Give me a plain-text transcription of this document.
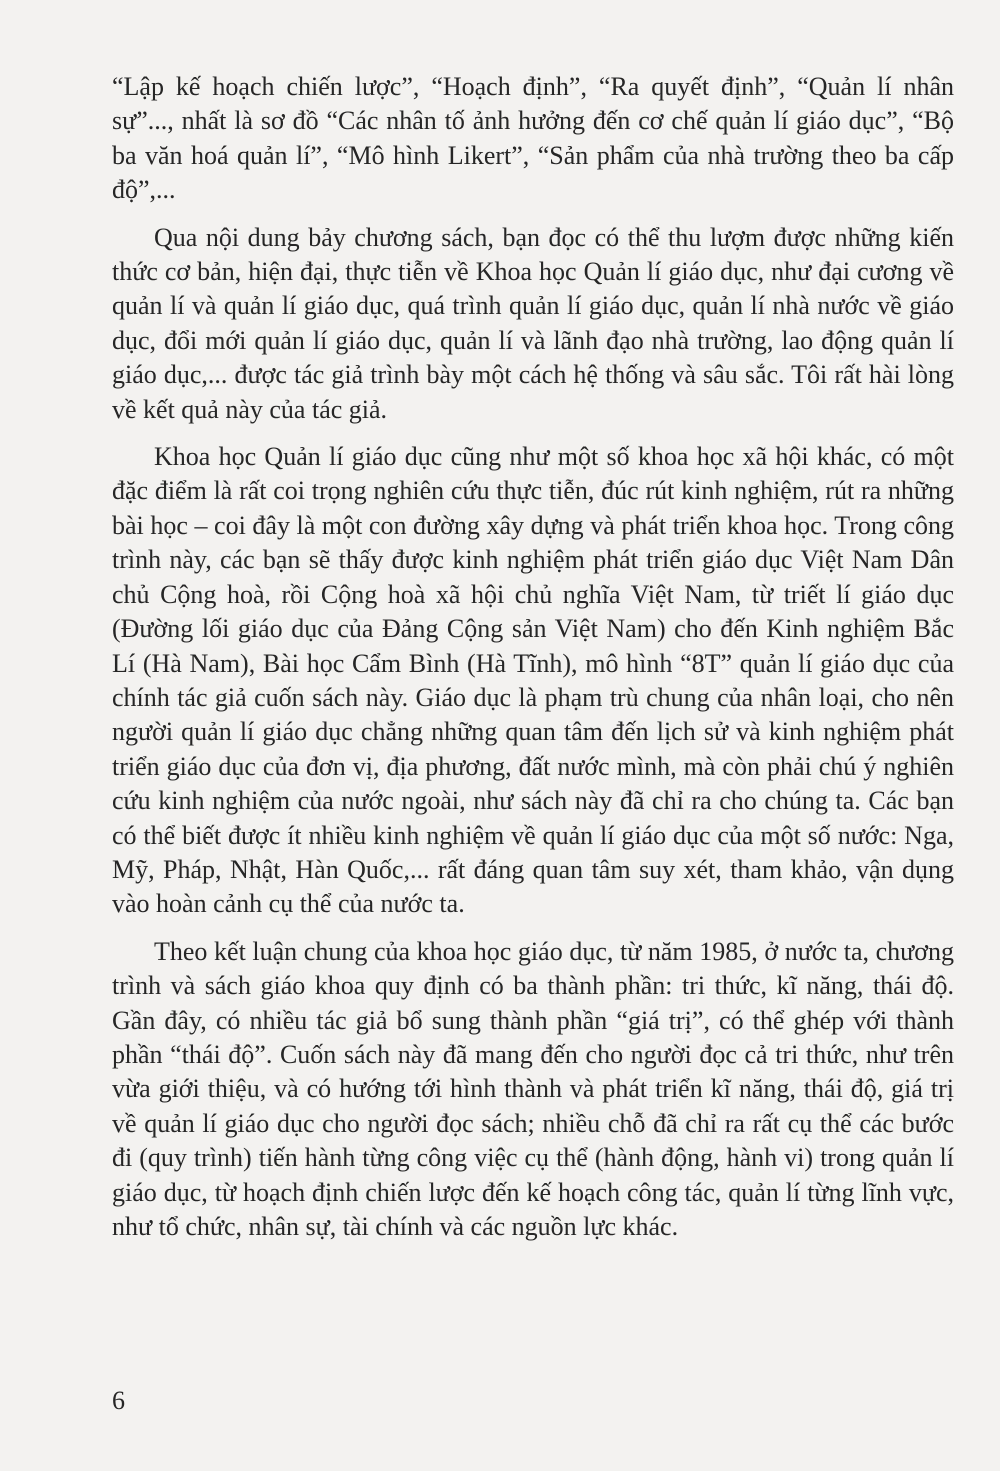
“Lập kế hoạch chiến lược”, “Hoạch định”, “Ra quyết định”, “Quản lí nhân sự”..., nhất là sơ đồ “Các nhân tố ảnh hưởng đến cơ chế quản lí giáo dục”, “Bộ ba văn hoá quản lí”, “Mô hình Likert”, “Sản phẩm của nhà trường theo ba cấp độ”,...

Qua nội dung bảy chương sách, bạn đọc có thể thu lượm được những kiến thức cơ bản, hiện đại, thực tiễn về Khoa học Quản lí giáo dục, như đại cương về quản lí và quản lí giáo dục, quá trình quản lí giáo dục, quản lí nhà nước về giáo dục, đổi mới quản lí giáo dục, quản lí và lãnh đạo nhà trường, lao động quản lí giáo dục,... được tác giả trình bày một cách hệ thống và sâu sắc. Tôi rất hài lòng về kết quả này của tác giả.

Khoa học Quản lí giáo dục cũng như một số khoa học xã hội khác, có một đặc điểm là rất coi trọng nghiên cứu thực tiễn, đúc rút kinh nghiệm, rút ra những bài học – coi đây là một con đường xây dựng và phát triển khoa học. Trong công trình này, các bạn sẽ thấy được kinh nghiệm phát triển giáo dục Việt Nam Dân chủ Cộng hoà, rồi Cộng hoà xã hội chủ nghĩa Việt Nam, từ triết lí giáo dục (Đường lối giáo dục của Đảng Cộng sản Việt Nam) cho đến Kinh nghiệm Bắc Lí (Hà Nam), Bài học Cẩm Bình (Hà Tĩnh), mô hình “8T” quản lí giáo dục của chính tác giả cuốn sách này. Giáo dục là phạm trù chung của nhân loại, cho nên người quản lí giáo dục chẳng những quan tâm đến lịch sử và kinh nghiệm phát triển giáo dục của đơn vị, địa phương, đất nước mình, mà còn phải chú ý nghiên cứu kinh nghiệm của nước ngoài, như sách này đã chỉ ra cho chúng ta. Các bạn có thể biết được ít nhiều kinh nghiệm về quản lí giáo dục của một số nước: Nga, Mỹ, Pháp, Nhật, Hàn Quốc,... rất đáng quan tâm suy xét, tham khảo, vận dụng vào hoàn cảnh cụ thể của nước ta.

Theo kết luận chung của khoa học giáo dục, từ năm 1985, ở nước ta, chương trình và sách giáo khoa quy định có ba thành phần: tri thức, kĩ năng, thái độ. Gần đây, có nhiều tác giả bổ sung thành phần “giá trị”, có thể ghép với thành phần “thái độ”. Cuốn sách này đã mang đến cho người đọc cả tri thức, như trên vừa giới thiệu, và có hướng tới hình thành và phát triển kĩ năng, thái độ, giá trị về quản lí giáo dục cho người đọc sách; nhiều chỗ đã chỉ ra rất cụ thể các bước đi (quy trình) tiến hành từng công việc cụ thể (hành động, hành vi) trong quản lí giáo dục, từ hoạch định chiến lược đến kế hoạch công tác, quản lí từng lĩnh vực, như tổ chức, nhân sự, tài chính và các nguồn lực khác.

6
